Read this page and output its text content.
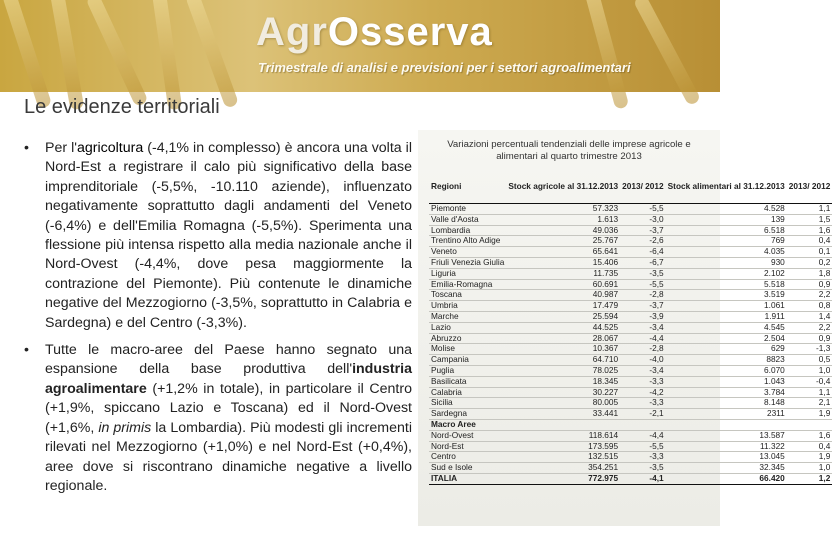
AgrOsserva
Trimestrale di analisi e previsioni per i settori agroalimentari
Le evidenze territoriali
• Per l'agricoltura (-4,1% in complesso) è ancora una volta il Nord-Est a registrare il calo più significativo della base imprenditoriale (-5,5%, -10.110 aziende), influenzato negativamente soprattutto dagli andamenti del Veneto (-6,4%) e dell'Emilia Romagna (-5,5%). Sperimenta una flessione più intensa rispetto alla media nazionale anche il Nord-Ovest (-4,4%, dove pesa maggiormente la contrazione del Piemonte). Più contenute le dinamiche negative del Mezzogiorno (-3,5%, soprattutto in Calabria e Sardegna) e del Centro (-3,3%).
• Tutte le macro-aree del Paese hanno segnato una espansione della base produttiva dell'industria agroalimentare (+1,2% in totale), in particolare il Centro (+1,9%, spiccano Lazio e Toscana) ed il Nord-Ovest (+1,6%, in primis la Lombardia). Più modesti gli incrementi rilevati nel Mezzogiorno (+1,0%) e nel Nord-Est (+0,4%), aree dove si riscontrano dinamiche negative a livello regionale.
Variazioni percentuali tendenziali delle imprese agricole e alimentari al quarto trimestre 2013
Regioni	Stock agricole al 31.12.2013	2013/ 2012	Stock alimentari al 31.12.2013	2013/ 2012
Piemonte	57.323	-5,5	4.528	1,1
Valle d'Aosta	1.613	-3,0	139	1,5
Lombardia	49.036	-3,7	6.518	1,6
Trentino Alto Adige	25.767	-2,6	769	0,4
Veneto	65.641	-6,4	4.035	0,1
Friuli Venezia Giulia	15.406	-6,7	930	0,2
Liguria	11.735	-3,5	2.102	1,8
Emilia-Romagna	60.691	-5,5	5.518	0,9
Toscana	40.987	-2,8	3.519	2,2
Umbria	17.479	-3,7	1.061	0,8
Marche	25.594	-3,9	1.911	1,4
Lazio	44.525	-3,4	4.545	2,2
Abruzzo	28.067	-4,4	2.504	0,9
Molise	10.367	-2,8	629	-1,3
Campania	64.710	-4,0	8823	0,5
Puglia	78.025	-3,4	6.070	1,0
Basilicata	18.345	-3,3	1.043	-0,4
Calabria	30.227	-4,2	3.784	1,1
Sicilia	80.005	-3,3	8.148	2,1
Sardegna	33.441	-2,1	2311	1,9
Macro Aree				
Nord-Ovest	118.614	-4,4	13.587	1,6
Nord-Est	173.595	-5,5	11.322	0,4
Centro	132.515	-3,3	13.045	1,9
Sud e Isole	354.251	-3,5	32.345	1,0
ITALIA	772.975	-4,1	66.420	1,2
